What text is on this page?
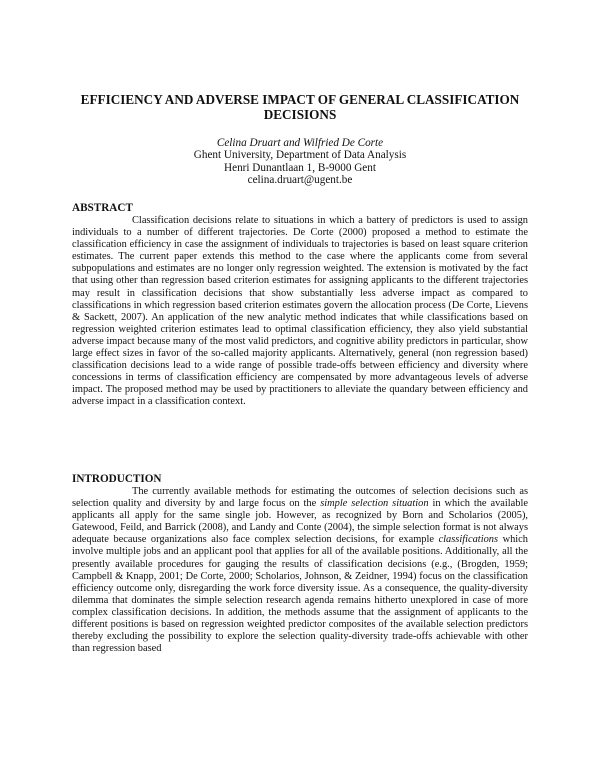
EFFICIENCY AND ADVERSE IMPACT OF GENERAL CLASSIFICATION DECISIONS
Celina Druart and Wilfried De Corte
Ghent University, Department of Data Analysis
Henri Dunantlaan 1, B-9000 Gent
celina.druart@ugent.be
ABSTRACT

Classification decisions relate to situations in which a battery of predictors is used to assign individuals to a number of different trajectories. De Corte (2000) proposed a method to estimate the classification efficiency in case the assignment of individuals to trajectories is based on least square criterion estimates. The current paper extends this method to the case where the applicants come from several subpopulations and estimates are no longer only regression weighted. The extension is motivated by the fact that using other than regression based criterion estimates for assigning applicants to the different trajectories may result in classification decisions that show substantially less adverse impact as compared to classifications in which regression based criterion estimates govern the allocation process (De Corte, Lievens & Sackett, 2007). An application of the new analytic method indicates that while classifications based on regression weighted criterion estimates lead to optimal classification efficiency, they also yield substantial adverse impact because many of the most valid predictors, and cognitive ability predictors in particular, show large effect sizes in favor of the so-called majority applicants. Alternatively, general (non regression based) classification decisions lead to a wide range of possible trade-offs between efficiency and diversity where concessions in terms of classification efficiency are compensated by more advantageous levels of adverse impact. The proposed method may be used by practitioners to alleviate the quandary between efficiency and adverse impact in a classification context.

INTRODUCTION

The currently available methods for estimating the outcomes of selection decisions such as selection quality and diversity by and large focus on the simple selection situation in which the available applicants all apply for the same single job. However, as recognized by Born and Scholarios (2005), Gatewood, Feild, and Barrick (2008), and Landy and Conte (2004), the simple selection format is not always adequate because organizations also face complex selection decisions, for example classifications which involve multiple jobs and an applicant pool that applies for all of the available positions. Additionally, all the presently available procedures for gauging the results of classification decisions (e.g., (Brogden, 1959; Campbell & Knapp, 2001; De Corte, 2000; Scholarios, Johnson, & Zeidner, 1994) focus on the classification efficiency outcome only, disregarding the work force diversity issue. As a consequence, the quality-diversity dilemma that dominates the simple selection research agenda remains hitherto unexplored in case of more complex classification decisions. In addition, the methods assume that the assignment of applicants to the different positions is based on regression weighted predictor composites of the available selection predictors thereby excluding the possibility to explore the selection quality-diversity trade-offs achievable with other than regression based
